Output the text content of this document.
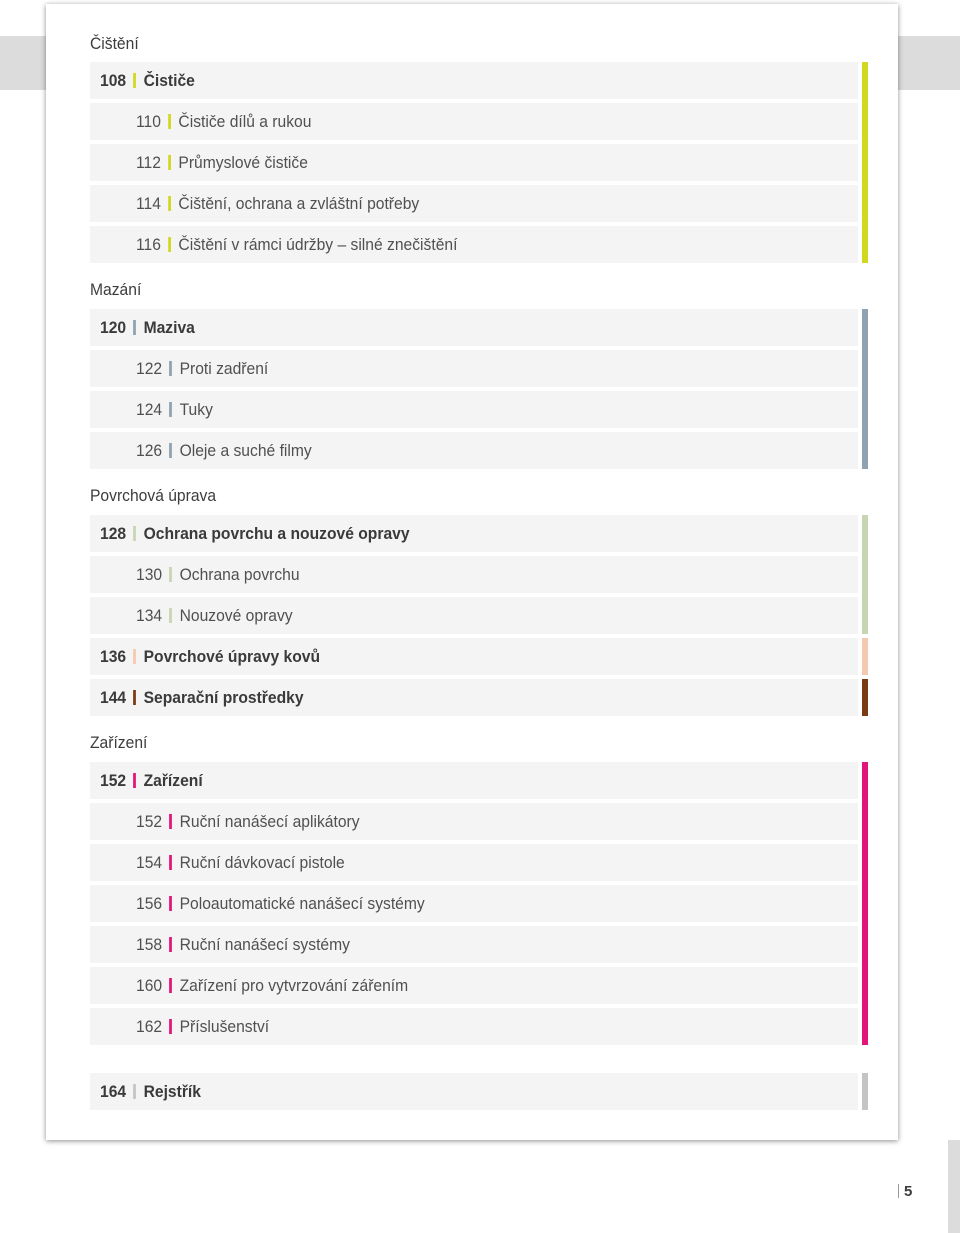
Čištění
108 Čističe
110 Čističe dílů a rukou
112 Průmyslové čističe
114 Čištění, ochrana a zvláštní potřeby
116 Čištění v rámci údržby – silné znečištění
Mazání
120 Maziva
122 Proti zadření
124 Tuky
126 Oleje a suché filmy
Povrchová úprava
128 Ochrana povrchu a nouzové opravy
130 Ochrana povrchu
134 Nouzové opravy
136 Povrchové úpravy kovů
144 Separační prostředky
Zařízení
152 Zařízení
152 Ruční nanášecí aplikátory
154 Ruční dávkovací pistole
156 Poloautomatické nanášecí systémy
158 Ruční nanášecí systémy
160 Zařízení pro vytvrzování zářením
162 Příslušenství
164 Rejstřík
5
